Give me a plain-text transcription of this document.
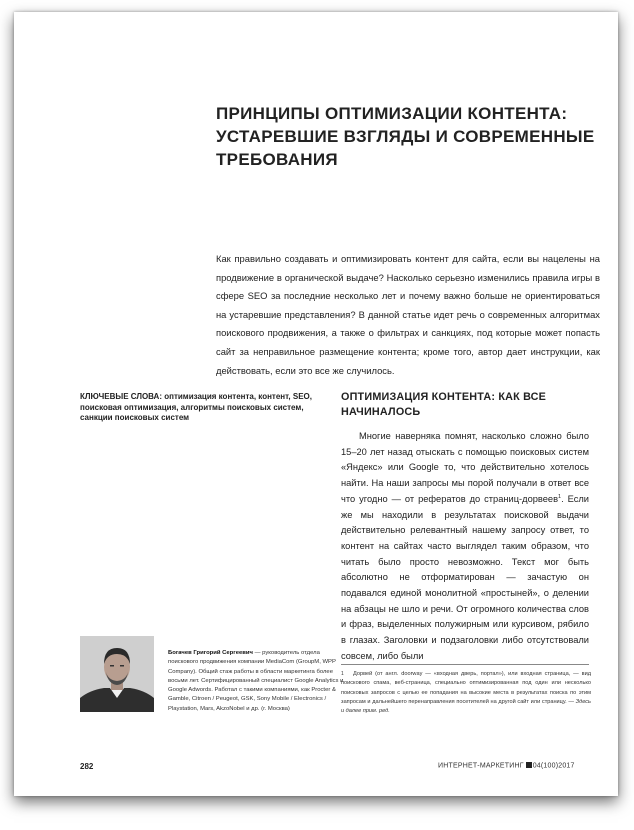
ПРИНЦИПЫ ОПТИМИЗАЦИИ КОНТЕНТА: УСТАРЕВШИЕ ВЗГЛЯДЫ И СОВРЕМЕННЫЕ ТРЕБОВАНИЯ

Как правильно создавать и оптимизировать контент для сайта, если вы нацелены на продвижение в органической выдаче? Насколько серьезно изменились правила игры в сфере SEO за последние несколько лет и почему важно больше не ориентироваться на устаревшие представления? В данной статье идет речь о современных алгоритмах поискового продвижения, а также о фильтрах и санкциях, под которые может попасть сайт за неправильное размещение контента; кроме того, автор дает инструкции, как действовать, если это все же случилось.

КЛЮЧЕВЫЕ СЛОВА: оптимизация контента, контент, SEO, поисковая оптимизация, алгоритмы поисковых систем, санкции поисковых систем

ОПТИМИЗАЦИЯ КОНТЕНТА: КАК ВСЕ НАЧИНАЛОСЬ

Многие наверняка помнят, насколько сложно было 15–20 лет назад отыскать с помощью поисковых систем «Яндекс» или Google то, что действительно хотелось найти. На наши запросы мы порой получали в ответ все что угодно — от рефератов до страниц-дорвеев$^1$. Если же мы находили в результатах поисковой выдачи действительно релевантный нашему запросу ответ, то контент на сайтах часто выглядел таким образом, что читать было просто невозможно. Текст мог быть абсолютно не отформатирован — зачастую он подавался единой монолитной «простыней», о делении на абзацы не шло и речи. От огромного количества слов и фраз, выделенных полужирным или курсивом, рябило в глазах. Заголовки и подзаголовки либо отсутствовали совсем, либо были

1 Дорвей (от англ. doorway — «входная дверь, портал»), или входная страница, — вид поискового спама, веб-страница, специально оптимизированная под один или несколько поисковых запросов с целью ее попадания на высокие места в результатах поиска по этим запросам и дальнейшего перенаправления посетителей на другой сайт или страницу. — Здесь и далее прим. ред.

Богачев Григорий Сергеевич — руководитель отдела поискового продвижения компании MediaCom (GroupM, WPP Company). Общий стаж работы в области маркетинга более восьми лет. Сертифицированный специалист Google Analytics и Google Adwords. Работал с такими компаниями, как Procter & Gamble, Citroen / Peugeot, GSK, Sony Mobile / Electronics / Playstation, Mars, AkzoNobel и др. (г. Москва)

282	ИНТЕРНЕТ-МАРКЕТИНГ 04(100)2017
